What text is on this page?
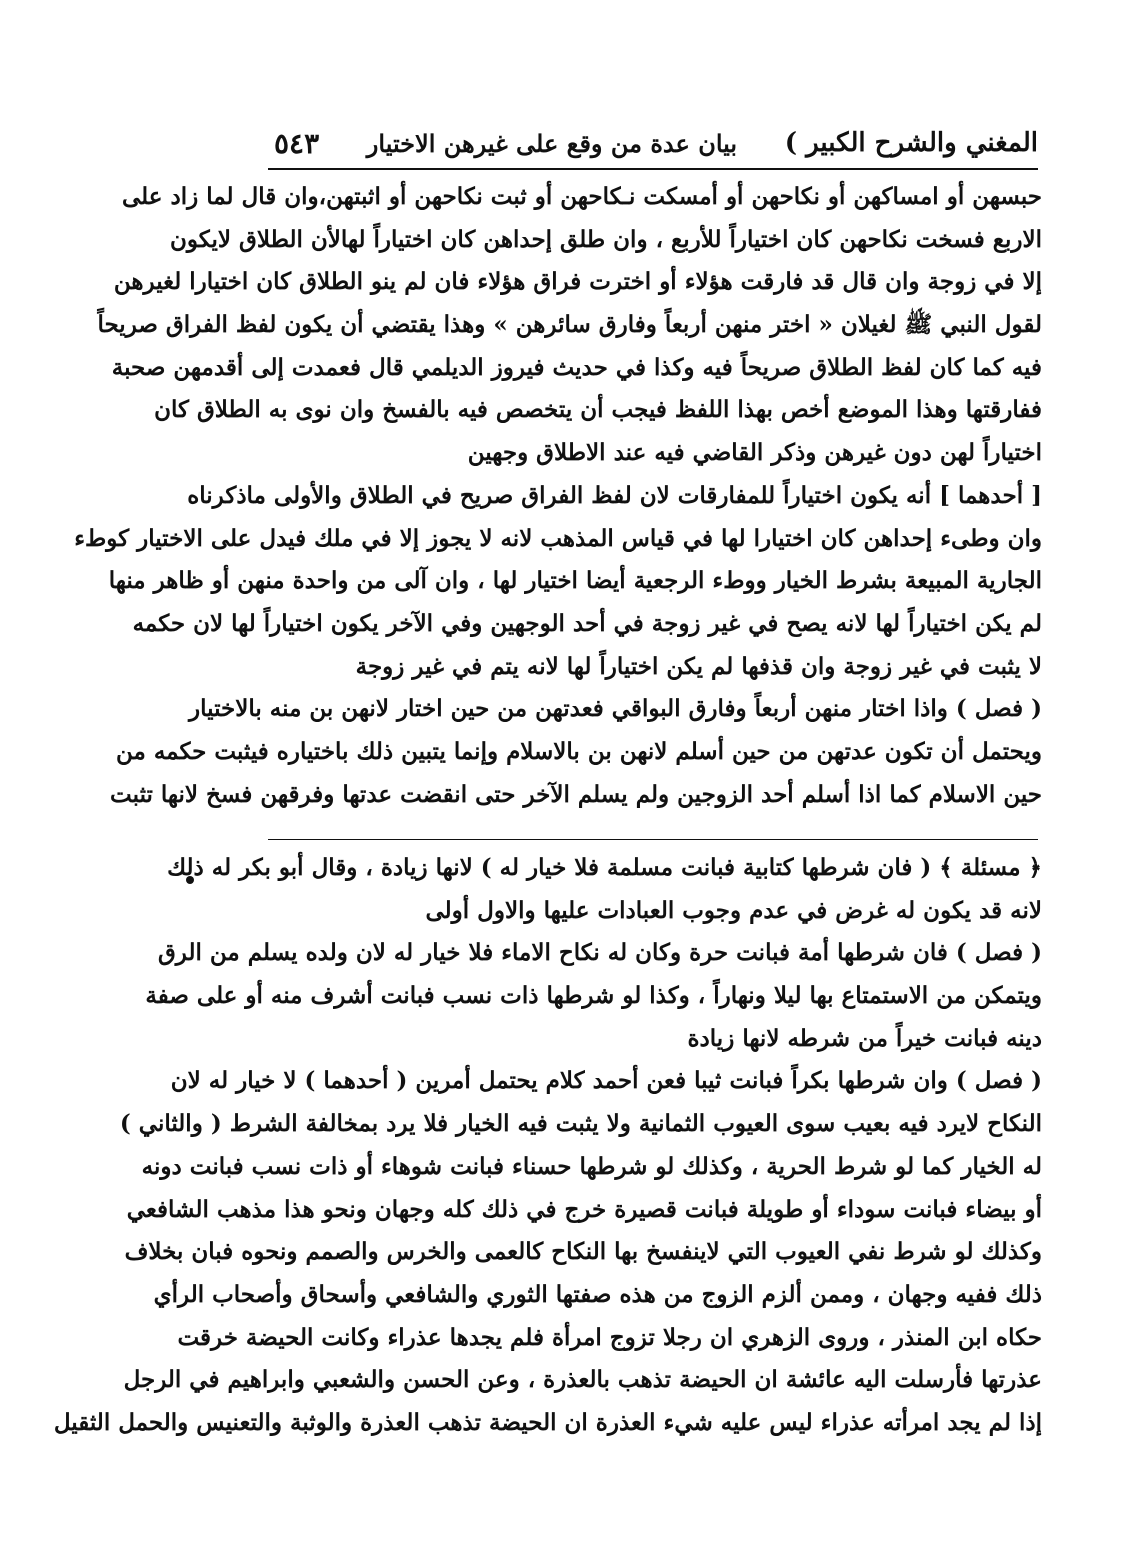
المغني والشرح الكبير )
بيان عدة من وقع على غيرهن الاختيار
٥٤٣

حبسهن أو امساكهن أو نكاحهن أو أمسكت نـكاحهن أو ثبت نكاحهن أو اثبتهن،وان قال لما زاد على

الاربع فسخت نكاحهن كان اختياراً للأربع ، وان طلق إحداهن كان اختياراً لهالأن الطلاق لايكون

إلا في زوجة وان قال قد فارقت هؤلاء أو اخترت فراق هؤلاء فان لم ينو الطلاق كان اختيارا لغيرهن

لقول النبي ﷺ لغيلان « اختر منهن أربعاً وفارق سائرهن » وهذا يقتضي أن يكون لفظ الفراق صريحاً

فيه كما كان لفظ الطلاق صريحاً فيه وكذا في حديث فيروز الديلمي قال فعمدت إلى أقدمهن صحبة

ففارقتها وهذا الموضع أخص بهذا اللفظ فيجب أن يتخصص فيه بالفسخ وان نوى به الطلاق كان

اختياراً لهن دون غيرهن وذكر القاضي فيه عند الاطلاق وجهين

[ أحدهما ] أنه يكون اختياراً للمفارقات لان لفظ الفراق صريح في الطلاق والأولى ماذكرناه

وان وطىء إحداهن كان اختيارا لها في قياس المذهب لانه لا يجوز إلا في ملك فيدل على الاختيار كوطء

الجارية المبيعة بشرط الخيار ووطء الرجعية أيضا اختيار لها ، وان آلى من واحدة منهن أو ظاهر منها

لم يكن اختياراً لها لانه يصح في غير زوجة في أحد الوجهين وفي الآخر يكون اختياراً لها لان حكمه

لا يثبت في غير زوجة وان قذفها لم يكن اختياراً لها لانه يتم في غير زوجة

( فصل ) واذا اختار منهن أربعاً وفارق البواقي فعدتهن من حين اختار لانهن بن منه بالاختيار

ويحتمل أن تكون عدتهن من حين أسلم لانهن بن بالاسلام وإنما يتبين ذلك باختياره فيثبت حكمه من

حين الاسلام كما اذا أسلم أحد الزوجين ولم يسلم الآخر حتى انقضت عدتها وفرقهن فسخ لانها تثبت

﴿ مسئلة ﴾ ( فان شرطها كتابية فبانت مسلمة فلا خيار له ) لانها زيادة ، وقال أبو بكر له ذلك

لانه قد يكون له غرض في عدم وجوب العبادات عليها والاول أولى

( فصل ) فان شرطها أمة فبانت حرة وكان له نكاح الاماء فلا خيار له لان ولده يسلم من الرق

ويتمكن من الاستمتاع بها ليلا ونهاراً ، وكذا لو شرطها ذات نسب فبانت أشرف منه أو على صفة

دينه فبانت خيراً من شرطه لانها زيادة

( فصل ) وان شرطها بكراً فبانت ثيبا فعن أحمد كلام يحتمل أمرين ( أحدهما ) لا خيار له لان

النكاح لايرد فيه بعيب سوى العيوب الثمانية ولا يثبت فيه الخيار فلا يرد بمخالفة الشرط ( والثاني )

له الخيار كما لو شرط الحرية ، وكذلك لو شرطها حسناء فبانت شوهاء أو ذات نسب فبانت دونه

أو بيضاء فبانت سوداء أو طويلة فبانت قصيرة خرج في ذلك كله وجهان ونحو هذا مذهب الشافعي

وكذلك لو شرط نفي العيوب التي لاينفسخ بها النكاح كالعمى والخرس والصمم ونحوه فبان بخلاف

ذلك ففيه وجهان ، وممن ألزم الزوج من هذه صفتها الثوري والشافعي وأسحاق وأصحاب الرأي

حكاه ابن المنذر ، وروى الزهري ان رجلا تزوج امرأة فلم يجدها عذراء وكانت الحيضة خرقت

عذرتها فأرسلت اليه عائشة ان الحيضة تذهب بالعذرة ، وعن الحسن والشعبي وابراهيم في الرجل

إذا لم يجد امرأته عذراء ليس عليه شيء العذرة ان الحيضة تذهب العذرة والوثبة والتعنيس والحمل الثقيل
